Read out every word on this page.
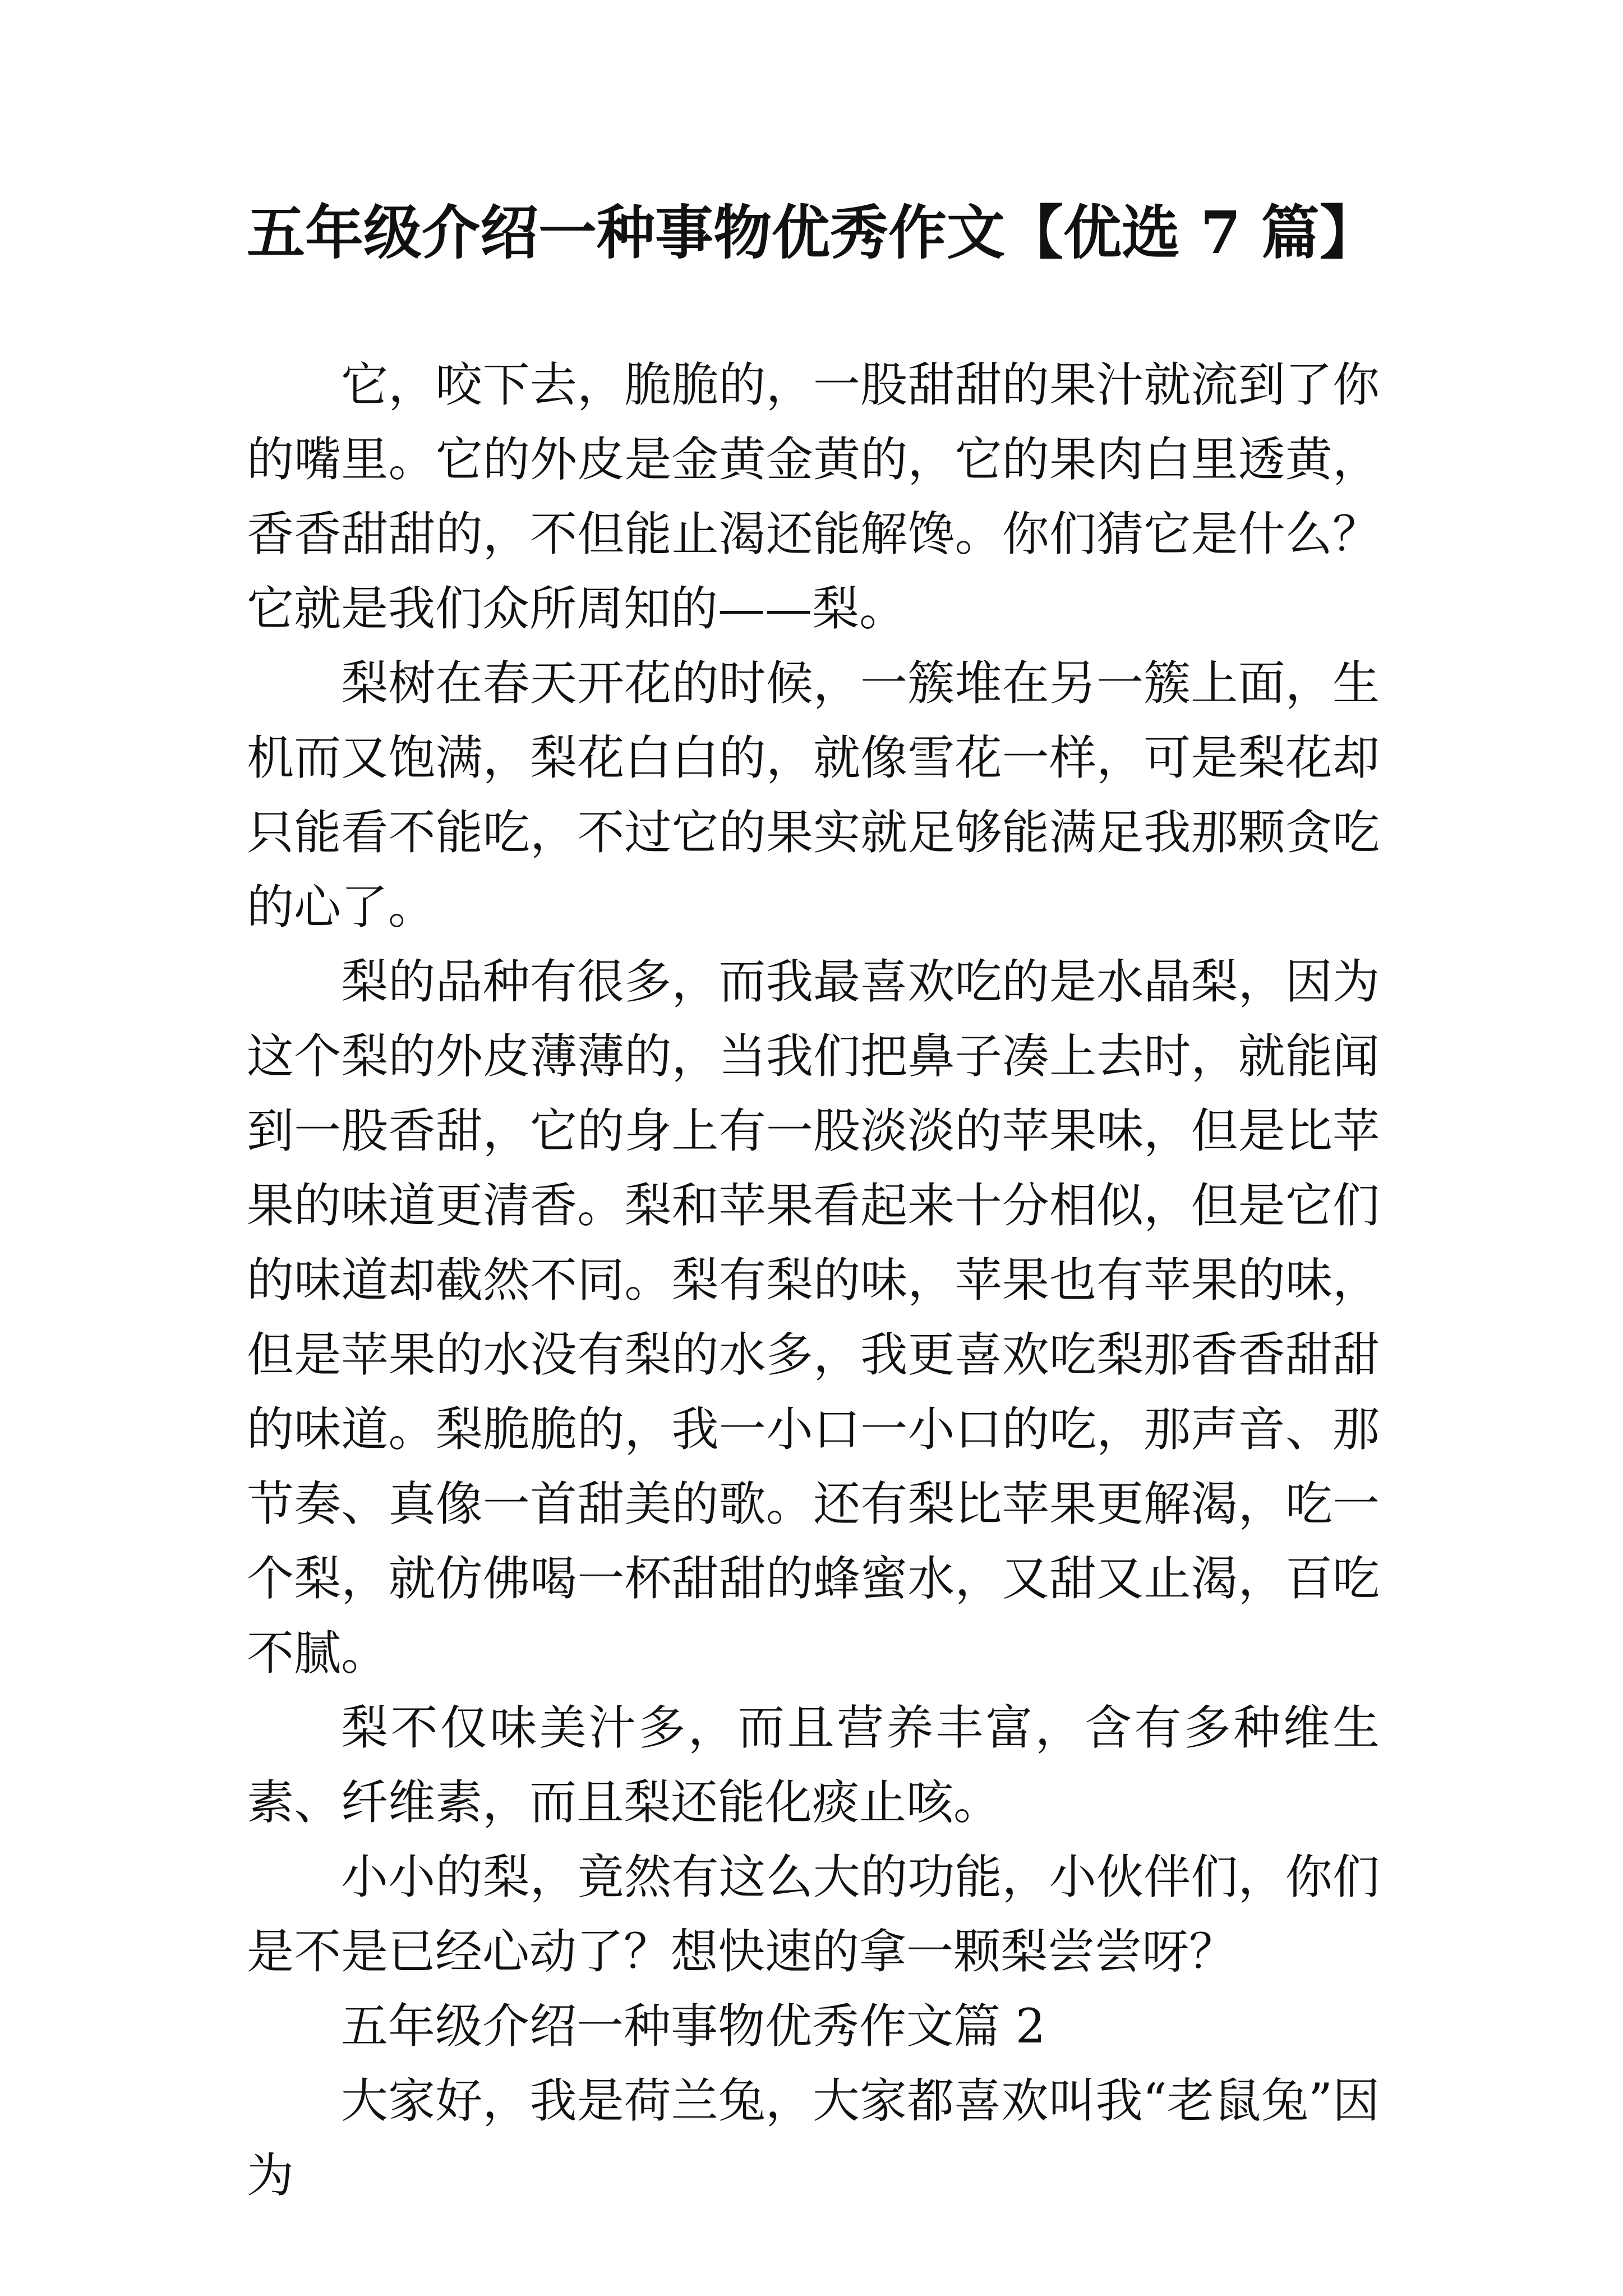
五年级介绍一种事物优秀作文【优选 7 篇】

它，咬下去，脆脆的，一股甜甜的果汁就流到了你的嘴里。它的外皮是金黄金黄的，它的果肉白里透黄，香香甜甜的，不但能止渴还能解馋。你们猜它是什么？它就是我们众所周知的——梨。

梨树在春天开花的时候，一簇堆在另一簇上面，生机而又饱满，梨花白白的，就像雪花一样，可是梨花却只能看不能吃，不过它的果实就足够能满足我那颗贪吃的心了。

梨的品种有很多，而我最喜欢吃的是水晶梨，因为这个梨的外皮薄薄的，当我们把鼻子凑上去时，就能闻到一股香甜，它的身上有一股淡淡的苹果味，但是比苹果的味道更清香。梨和苹果看起来十分相似，但是它们的味道却截然不同。梨有梨的味，苹果也有苹果的味，但是苹果的水没有梨的水多，我更喜欢吃梨那香香甜甜的味道。梨脆脆的，我一小口一小口的吃，那声音、那节奏、真像一首甜美的歌。还有梨比苹果更解渴，吃一个梨，就仿佛喝一杯甜甜的蜂蜜水，又甜又止渴，百吃不腻。

梨不仅味美汁多，而且营养丰富，含有多种维生素、纤维素，而且梨还能化痰止咳。

小小的梨，竟然有这么大的功能，小伙伴们，你们是不是已经心动了？想快速的拿一颗梨尝尝呀？

五年级介绍一种事物优秀作文篇 2

大家好，我是荷兰兔，大家都喜欢叫我“老鼠兔”因为
